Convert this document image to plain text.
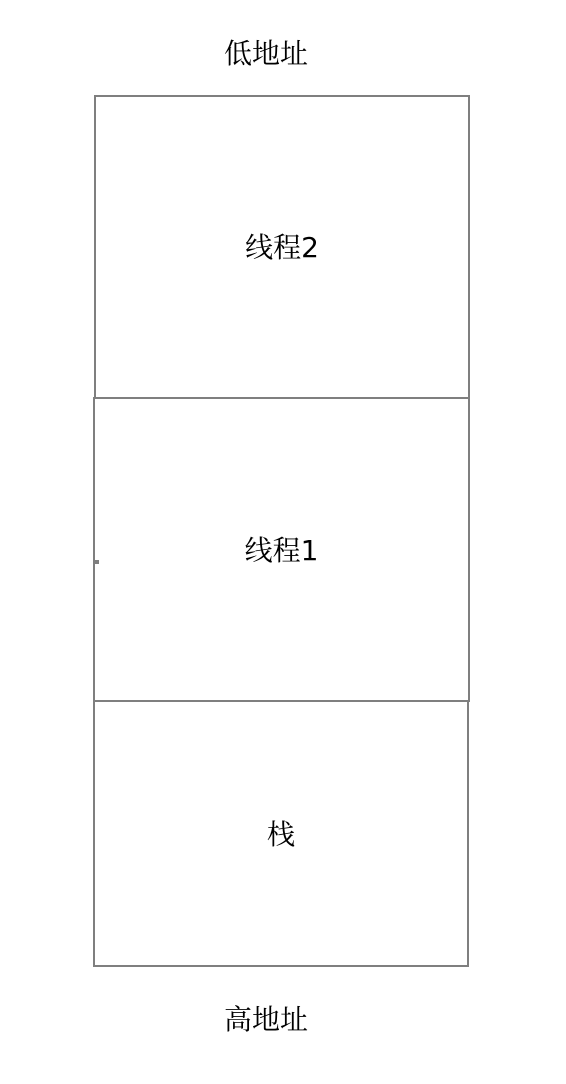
低地址
线程2
线程1
栈
高地址
